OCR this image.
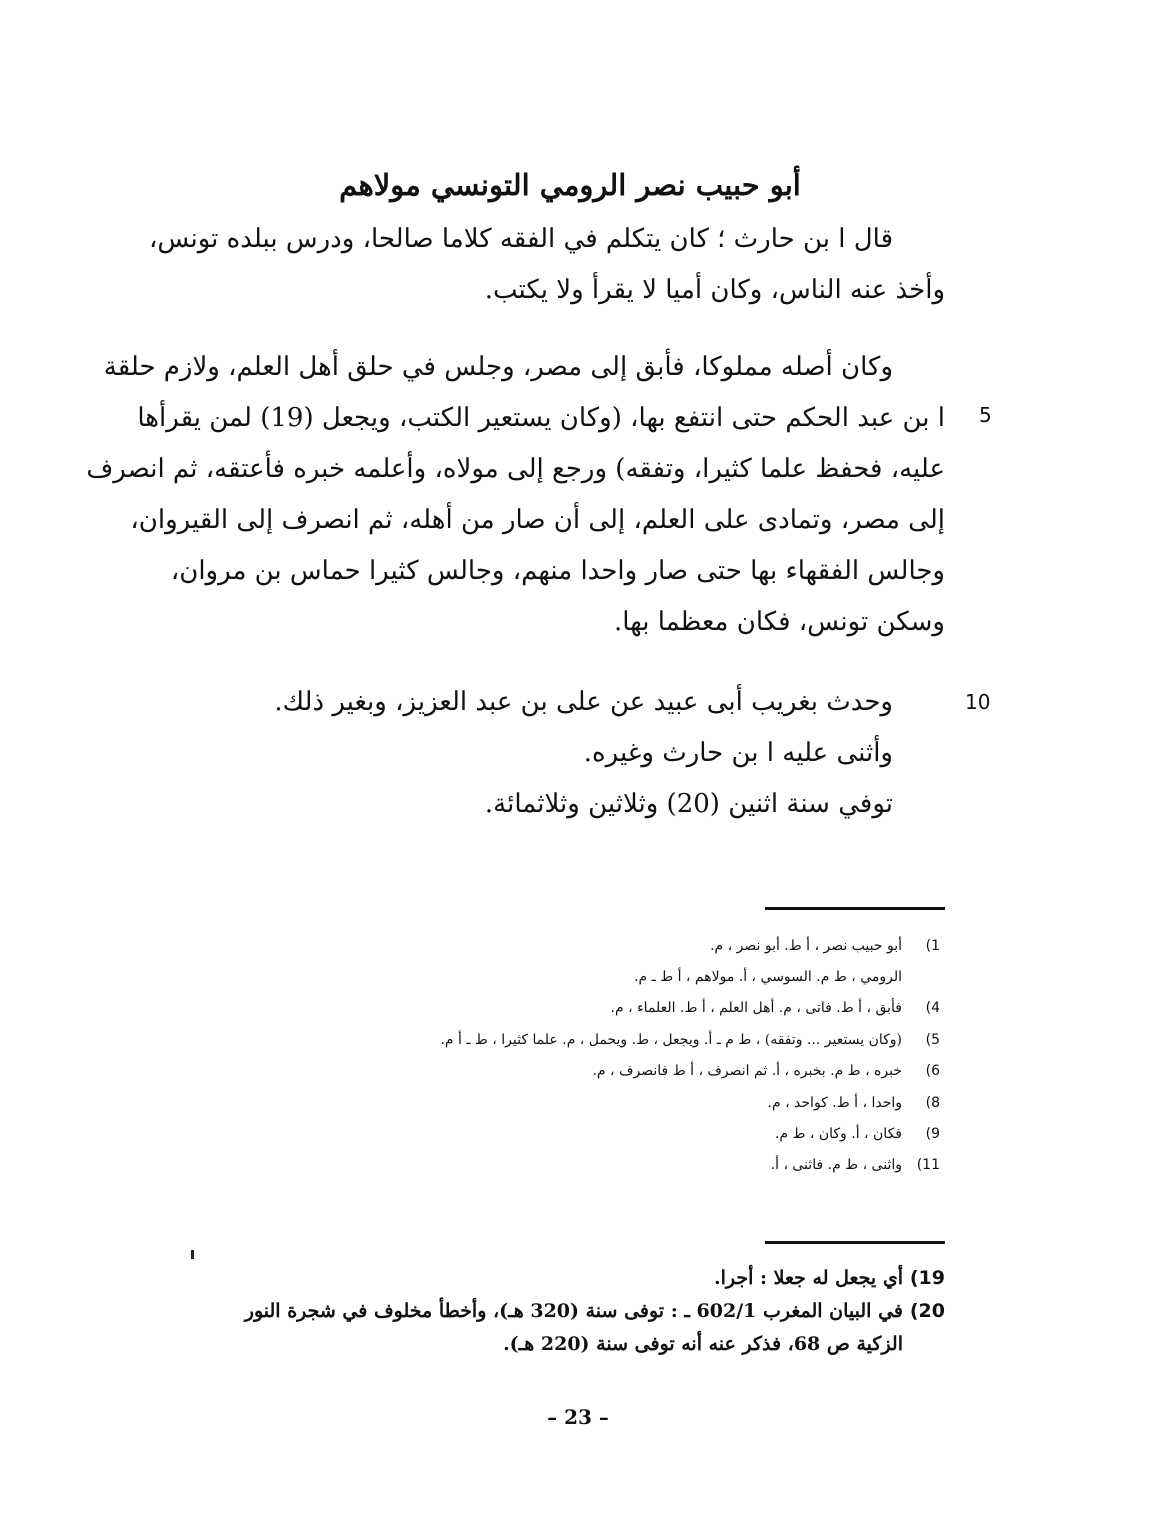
أبو حبيب نصر الرومي التونسي مولاهم
قال ا بن حارث ؛ كان يتكلم في الفقه كلاما صالحا، ودرس ببلده تونس،
وأخذ عنه الناس، وكان أميا لا يقرأ ولا يكتب.
وكان أصله مملوكا، فأبق إلى مصر، وجلس في حلق أهل العلم، ولازم حلقة
ا بن عبد الحكم حتى انتفع بها، (وكان يستعير الكتب، ويجعل (19) لمن يقرأها
عليه، فحفظ علما كثيرا، وتفقه) ورجع إلى مولاه، وأعلمه خبره فأعتقه، ثم انصرف
إلى مصر، وتمادى على العلم، إلى أن صار من أهله، ثم انصرف إلى القيروان،
وجالس الفقهاء بها حتى صار واحدا منهم، وجالس كثيرا حماس بن مروان،
وسكن تونس، فكان معظما بها.
وحدث بغريب أبى عبيد عن على بن عبد العزيز، وبغير ذلك.
وأثنى عليه ا بن حارث وغيره.
توفي سنة اثنين (20) وثلاثين وثلاثمائة.
5
10
1)
أبو حبيب نصر ، أ ط. أبو نصر ، م.
الرومي ، ط م. السوسي ، أ. مولاهم ، أ ط ـ م.
4)
فأبق ، أ ط. فاتى ، م. أهل العلم ، أ ط. العلماء ، م.
5)
(وكان يستعير ... وتفقه) ، ط م ـ أ. ويجعل ، ط. ويحمل ، م. علما كثيرا ، ط ـ أ م.
6)
خبره ، ط م. بخبره ، أ. ثم انصرف ، أ ط فانصرف ، م.
8)
واحدا ، أ ط. كواحد ، م.
9)
فكان ، أ. وكان ، ط م.
11)
واثنى ، ط م. فاثنى ، أ.
19)
أي يجعل له جعلا : أجرا.
20)
في البيان المغرب 602/1 ـ : توفى سنة (320 هـ)، وأخطأ مخلوف في شجرة النور
الزكية ص 68، فذكر عنه أنه توفى سنة (220 هـ).
– 23 –
